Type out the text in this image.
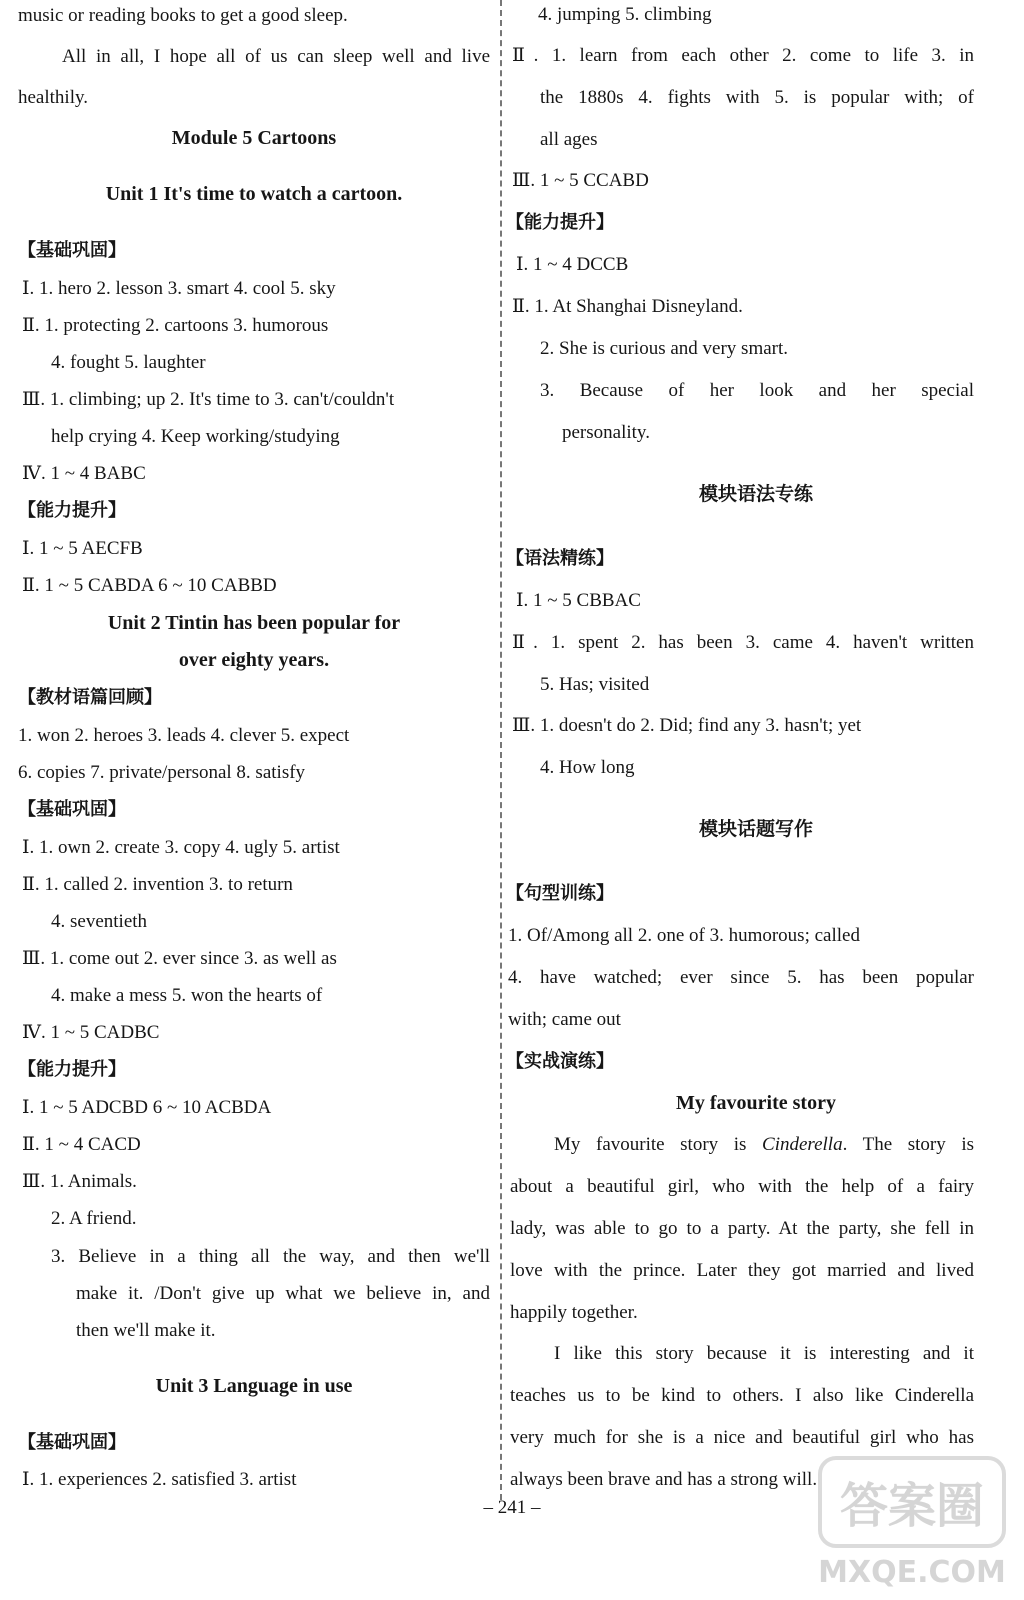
music or reading books to get a good sleep.
All in all, I hope all of us can sleep well and live
healthily.
Module 5 Cartoons
Unit 1 It's time to watch a cartoon.
【基础巩固】
Ⅰ. 1. hero 2. lesson 3. smart 4. cool 5. sky
Ⅱ. 1. protecting 2. cartoons 3. humorous
4. fought 5. laughter
Ⅲ. 1. climbing; up 2. It's time to 3. can't/couldn't
help crying 4. Keep working/studying
Ⅳ. 1 ~ 4 BABC
【能力提升】
Ⅰ. 1 ~ 5 AECFB
Ⅱ. 1 ~ 5 CABDA 6 ~ 10 CABBD
Unit 2 Tintin has been popular for
over eighty years.
【教材语篇回顾】
1. won 2. heroes 3. leads 4. clever 5. expect
6. copies 7. private/personal 8. satisfy
【基础巩固】
Ⅰ. 1. own 2. create 3. copy 4. ugly 5. artist
Ⅱ. 1. called 2. invention 3. to return
4. seventieth
Ⅲ. 1. come out 2. ever since 3. as well as
4. make a mess 5. won the hearts of
Ⅳ. 1 ~ 5 CADBC
【能力提升】
Ⅰ. 1 ~ 5 ADCBD 6 ~ 10 ACBDA
Ⅱ. 1 ~ 4 CACD
Ⅲ. 1. Animals.
2. A friend.
3. Believe in a thing all the way, and then we'll
make it. /Don't give up what we believe in, and
then we'll make it.
Unit 3 Language in use
【基础巩固】
Ⅰ. 1. experiences 2. satisfied 3. artist
4. jumping 5. climbing
Ⅱ. 1. learn from each other 2. come to life 3. in
the 1880s 4. fights with 5. is popular with; of
all ages
Ⅲ. 1 ~ 5 CCABD
【能力提升】
Ⅰ. 1 ~ 4 DCCB
Ⅱ. 1. At Shanghai Disneyland.
2. She is curious and very smart.
3. Because of her look and her special
personality.
模块语法专练
【语法精练】
Ⅰ. 1 ~ 5 CBBAC
Ⅱ. 1. spent 2. has been 3. came 4. haven't written
5. Has; visited
Ⅲ. 1. doesn't do 2. Did; find any 3. hasn't; yet
4. How long
模块话题写作
【句型训练】
1. Of/Among all 2. one of 3. humorous; called
4. have watched; ever since 5. has been popular
with; came out
【实战演练】
My favourite story
My favourite story is Cinderella. The story is
about a beautiful girl, who with the help of a fairy
lady, was able to go to a party. At the party, she fell in
love with the prince. Later they got married and lived
happily together.
I like this story because it is interesting and it
teaches us to be kind to others. I also like Cinderella
very much for she is a nice and beautiful girl who has
always been brave and has a strong will.
– 241 –	答案圈
MXQE.COM
